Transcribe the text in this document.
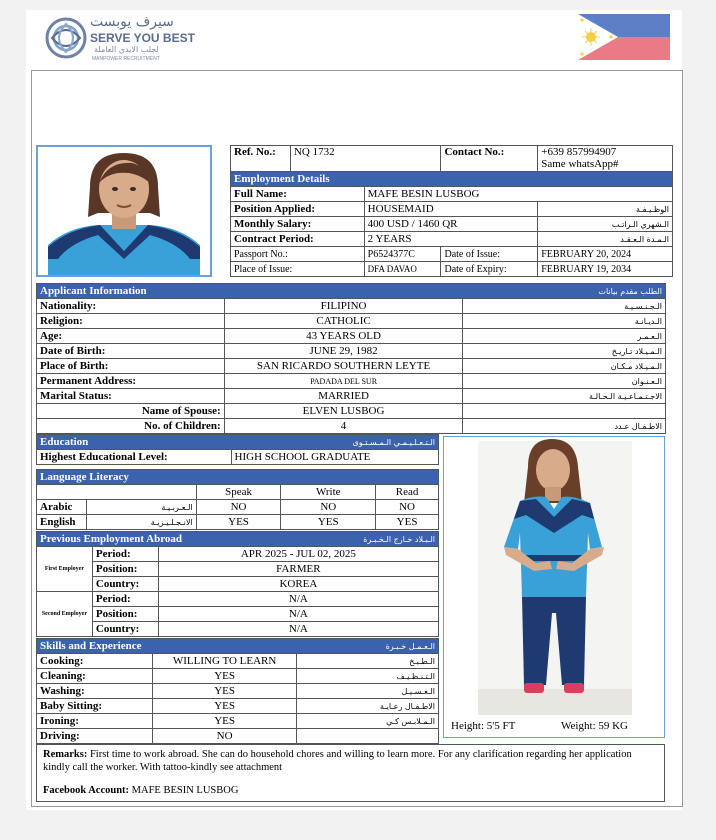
سيرف يوبست
SERVE YOU BEST
لجلب الايدي العاملة
MANPOWER RECRUITMENT
Ref. No.:	NQ 1732		Contact No.:	+639 857994907
Same whatsApp#
Employment Details				
Full Name:		MAFE BESIN LUSBOG		
Position Applied:		HOUSEMAID		الوظـيـفـة
Monthly Salary:		400 USD / 1460 QR		الـشهري الـراتـب
Contract Period:		2 YEARS		الـمـدة الـعـقـد
Passport No.:		P6524377C	Date of Issue:	FEBRUARY 20, 2024
Place of Issue:		DFA DAVAO	Date of Expiry:	FEBRUARY 19, 2034
Applicant Information الطلب مقدم بيانات		

Nationality:	FILIPINO	الـجـنـسـيـة
Religion:	CATHOLIC	الـديـانـة
Age:	43 YEARS OLD	الـعـمـر
Date of Birth:	JUNE 29, 1982	الـمـيـلاد تـاريـخ
Place of Birth:	SAN RICARDO SOUTHERN LEYTE	الـمـيـلاد مـكـان
Permanent Address:	PADADA DEL SUR	الـعـنـوان
Marital Status:	MARRIED	الاجـتـمـاعـيـة الـحـالـة
Name of Spouse:	ELVEN LUSBOG	
No. of Children:	4	الاطـفـال عـدد
Education	الـتـعـلـيـمـي الـمـسـتـوى

Highest Educational Level:	HIGH SCHOOL GRADUATE
Language Literacy				
		Speak	Write	Read
Arabic	الـعـربـيـة	NO	NO	NO
English	الانـجـلـيـزيـة	YES	YES	YES
Previous Employment Abroad الـبـلاد خـارج الـخـبـرة		

First Employer	Period:	APR 2025 - JUL 02, 2025
	Position:	FARMER
	Country:	KOREA
Second Employer	Period:	N/A
	Position:	N/A
	Country:	N/A
Skills and Experience الـعـمـل خـبـرة		

Cooking:	WILLING TO LEARN	الـطـبـخ
Cleaning:	YES	الـتـنـظـيـف
Washing:	YES	الـغـسـيـل
Baby Sitting:	YES	الاطـفـال رعـايـة
Ironing:	YES	الـمـلابـس كـي
Driving:	NO	
Height: 5'5 FT	Weight: 59 KG
Remarks: First time to work abroad. She can do household chores and willing to learn more. For any clarification regarding her application kindly call the worker. With tattoo-kindly see attachment
Facebook Account: MAFE BESIN LUSBOG
